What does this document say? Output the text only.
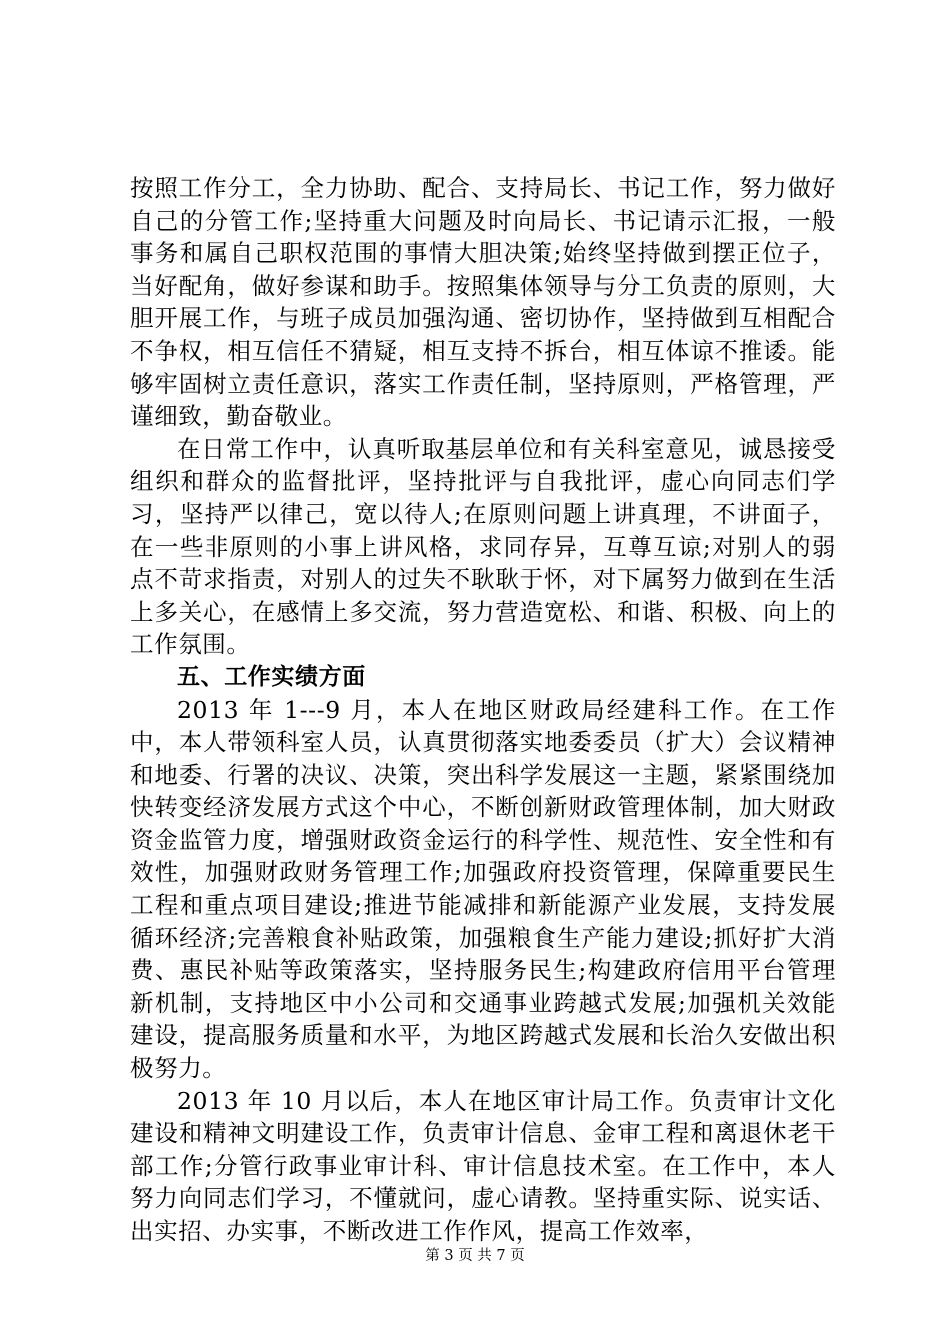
按照工作分工，全力协助、配合、支持局长、书记工作，努力做好自己的分管工作;坚持重大问题及时向局长、书记请示汇报，一般事务和属自己职权范围的事情大胆决策;始终坚持做到摆正位子，当好配角，做好参谋和助手。按照集体领导与分工负责的原则，大胆开展工作，与班子成员加强沟通、密切协作，坚持做到互相配合不争权，相互信任不猜疑，相互支持不拆台，相互体谅不推诿。能够牢固树立责任意识，落实工作责任制，坚持原则，严格管理，严谨细致，勤奋敬业。

在日常工作中，认真听取基层单位和有关科室意见，诚恳接受组织和群众的监督批评，坚持批评与自我批评，虚心向同志们学习，坚持严以律己，宽以待人;在原则问题上讲真理，不讲面子，在一些非原则的小事上讲风格，求同存异，互尊互谅;对别人的弱点不苛求指责，对别人的过失不耿耿于怀，对下属努力做到在生活上多关心，在感情上多交流，努力营造宽松、和谐、积极、向上的工作氛围。

五、工作实绩方面

2013 年 1---9 月，本人在地区财政局经建科工作。在工作中，本人带领科室人员，认真贯彻落实地委委员（扩大）会议精神和地委、行署的决议、决策，突出科学发展这一主题，紧紧围绕加快转变经济发展方式这个中心，不断创新财政管理体制，加大财政资金监管力度，增强财政资金运行的科学性、规范性、安全性和有效性，加强财政财务管理工作;加强政府投资管理，保障重要民生工程和重点项目建设;推进节能减排和新能源产业发展，支持发展循环经济;完善粮食补贴政策，加强粮食生产能力建设;抓好扩大消费、惠民补贴等政策落实，坚持服务民生;构建政府信用平台管理新机制，支持地区中小公司和交通事业跨越式发展;加强机关效能建设，提高服务质量和水平，为地区跨越式发展和长治久安做出积极努力。

2013 年 10 月以后，本人在地区审计局工作。负责审计文化建设和精神文明建设工作，负责审计信息、金审工程和离退休老干部工作;分管行政事业审计科、审计信息技术室。在工作中，本人努力向同志们学习，不懂就问，虚心请教。坚持重实际、说实话、出实招、办实事，不断改进工作作风，提高工作效率，

第 3 页 共 7 页
